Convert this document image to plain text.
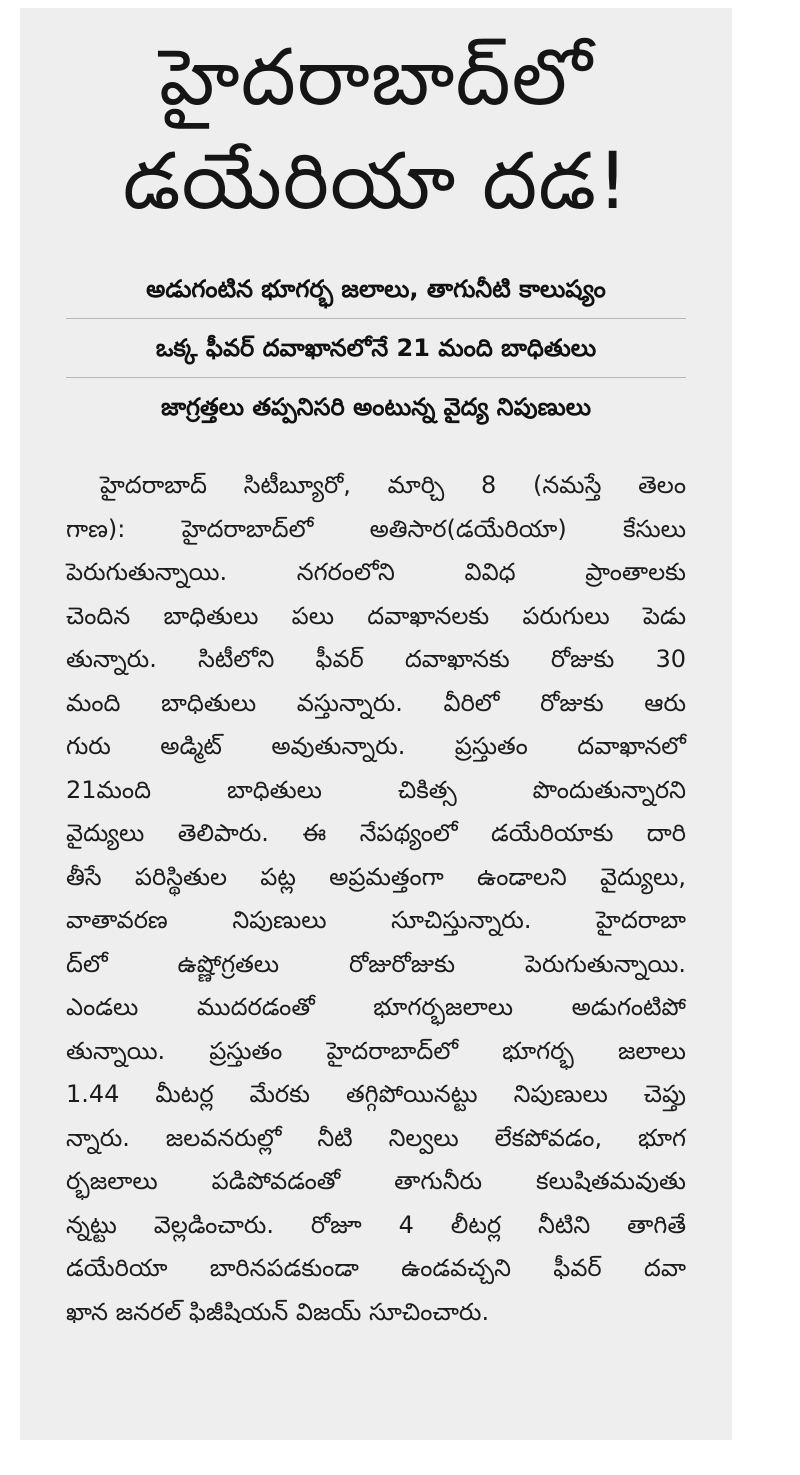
హైదరాబాద్‌లో
డయేరియా దడ!
అడుగంటిన భూగర్భ జలాలు, తాగునీటి కాలుష్యం
ఒక్క ఫీవర్ దవాఖానలోనే 21 మంది బాధితులు
జాగ్రత్తలు తప్పనిసరి అంటున్న వైద్య నిపుణులు
హైదరాబాద్ సిటీబ్యూరో, మార్చి 8 (నమస్తే తెలం
గాణ): హైదరాబాద్‌లో అతిసార(డయేరియా) కేసులు
పెరుగుతున్నాయి. నగరంలోని వివిధ ప్రాంతాలకు
చెందిన బాధితులు పలు దవాఖానలకు పరుగులు పెడు
తున్నారు. సిటీలోని ఫీవర్ దవాఖానకు రోజుకు 30
మంది బాధితులు వస్తున్నారు. వీరిలో రోజుకు ఆరు
గురు అడ్మిట్ అవుతున్నారు. ప్రస్తుతం దవాఖానలో
21మంది బాధితులు చికిత్స పొందుతున్నారని
వైద్యులు తెలిపారు. ఈ నేపథ్యంలో డయేరియాకు దారి
తీసే పరిస్థితుల పట్ల అప్రమత్తంగా ఉండాలని వైద్యులు,
వాతావరణ నిపుణులు సూచిస్తున్నారు. హైదరాబా
ద్‌లో ఉష్ణోగ్రతలు రోజురోజుకు పెరుగుతున్నాయి.
ఎండలు ముదరడంతో భూగర్భజలాలు అడుగంటిపో
తున్నాయి. ప్రస్తుతం హైదరాబాద్‌లో భూగర్భ జలాలు
1.44 మీటర్ల మేరకు తగ్గిపోయినట్టు నిపుణులు చెప్తు
న్నారు. జలవనరుల్లో నీటి నిల్వలు లేకపోవడం, భూగ
ర్భజలాలు పడిపోవడంతో తాగునీరు కలుషితమవుతు
న్నట్టు వెల్లడించారు. రోజూ 4 లీటర్ల నీటిని తాగితే
డయేరియా బారినపడకుండా ఉండవచ్చని ఫీవర్ దవా
ఖాన జనరల్ ఫిజీషియన్ విజయ్ సూచించారు.
